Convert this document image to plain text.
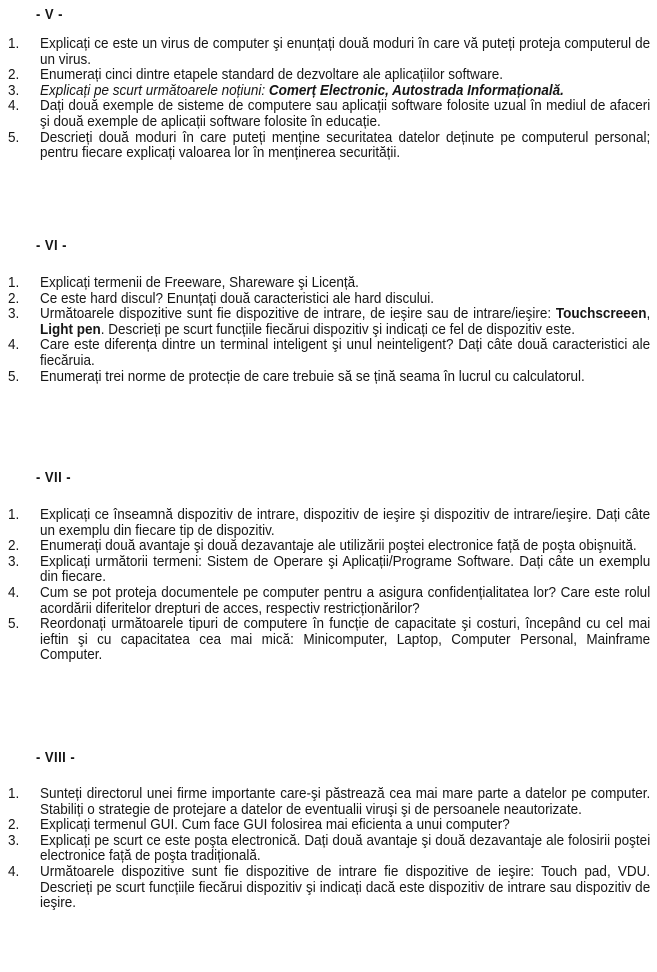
- V -
1. Explicați ce este un virus de computer şi enunțați două moduri în care vă puteți proteja computerul de un virus.
2. Enumerați cinci dintre etapele standard de dezvoltare ale aplicațiilor software.
3. Explicați pe scurt următoarele noțiuni: Comerț Electronic, Autostrada Informațională.
4. Dați două exemple de sisteme de computere sau aplicații software folosite uzual în mediul de afaceri şi două exemple de aplicații software folosite în educație.
5. Descrieți două moduri în care puteți menține securitatea datelor deținute pe computerul personal; pentru fiecare explicați valoarea lor în menținerea securității.
- VI -
1. Explicați termenii de Freeware, Shareware şi Licență.
2. Ce este hard discul? Enunțați două caracteristici ale hard discului.
3. Următoarele dispozitive sunt fie dispozitive de intrare, de ieşire sau de intrare/ieşire: Touchscreeen, Light pen. Descrieți pe scurt funcțiile fiecărui dispozitiv şi indicați ce fel de dispozitiv este.
4. Care este diferența dintre un terminal inteligent şi unul neinteligent? Dați câte două caracteristici ale fiecăruia.
5. Enumerați trei norme de protecție de care trebuie să se țină seama în lucrul cu calculatorul.
- VII -
1. Explicați ce înseamnă dispozitiv de intrare, dispozitiv de ieşire şi dispozitiv de intrare/ieşire. Dați câte un exemplu din fiecare tip de dispozitiv.
2. Enumerați două avantaje şi două dezavantaje ale utilizării poştei electronice față de poşta obişnuită.
3. Explicați următorii termeni: Sistem de Operare şi Aplicații/Programe Software. Dați câte un exemplu din fiecare.
4. Cum se pot proteja documentele pe computer pentru a asigura confidențialitatea lor? Care este rolul acordării diferitelor drepturi de acces, respectiv restricționărilor?
5. Reordonați următoarele tipuri de computere în funcție de capacitate şi costuri, începând cu cel mai ieftin şi cu capacitatea cea mai mică: Minicomputer, Laptop, Computer Personal, Mainframe Computer.
- VIII -
1. Sunteți directorul unei firme importante care-şi păstrează cea mai mare parte a datelor pe computer. Stabiliți o strategie de protejare a datelor de eventualii viruşi şi de persoanele neautorizate.
2. Explicați termenul GUI. Cum face GUI folosirea mai eficienta a unui computer?
3. Explicați pe scurt ce este poşta electronică. Dați două avantaje şi două dezavantaje ale folosirii poştei electronice față de poşta tradițională.
4. Următoarele dispozitive sunt fie dispozitive de intrare fie dispozitive de ieşire: Touch pad, VDU. Descrieți pe scurt funcțiile fiecărui dispozitiv şi indicați dacă este dispozitiv de intrare sau dispozitiv de ieşire.
